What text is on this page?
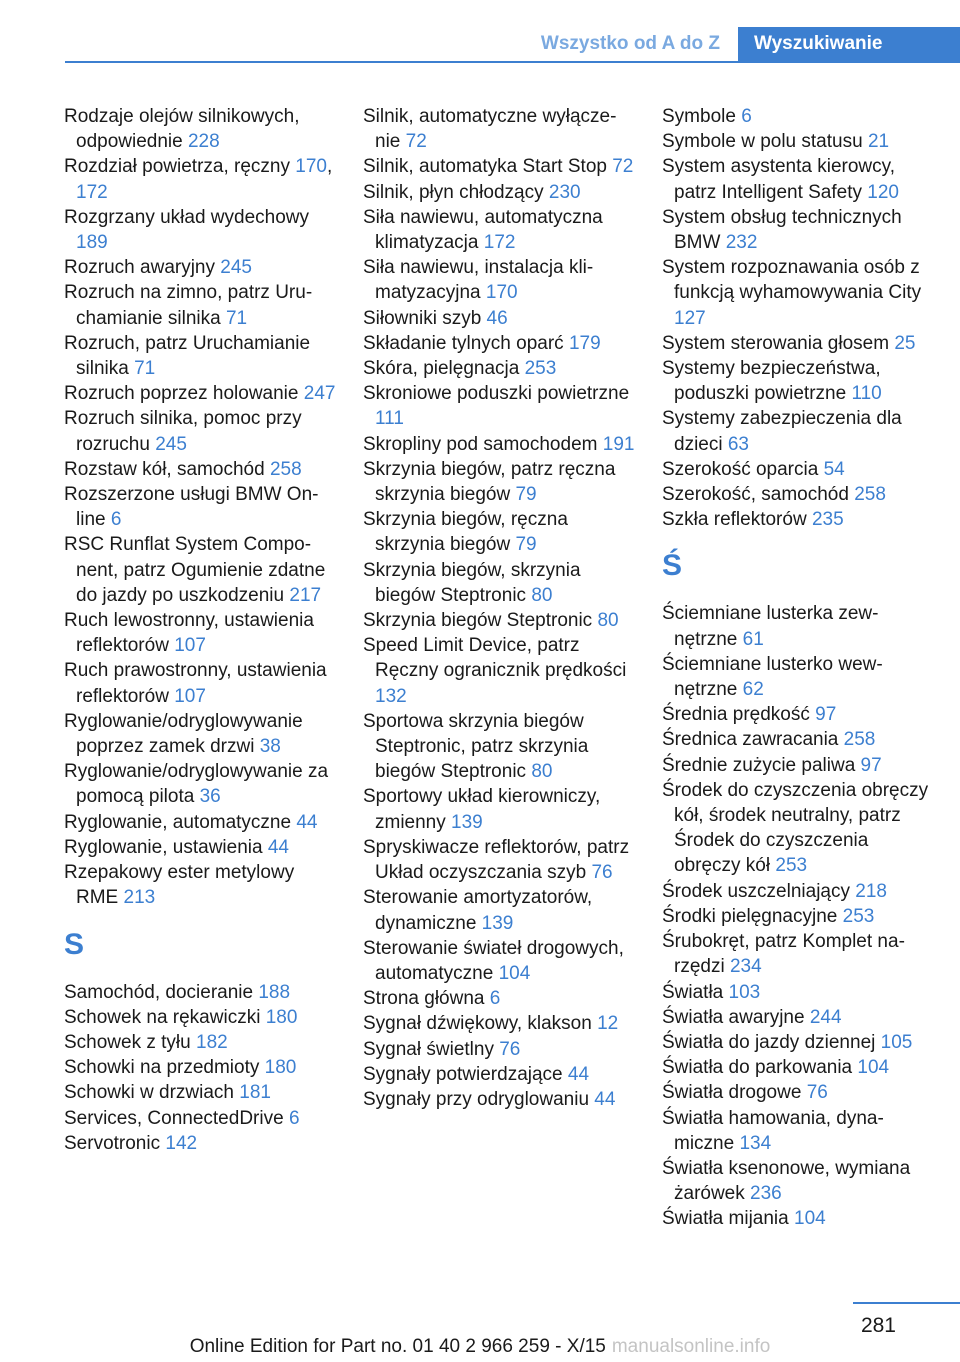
Wszystko od A do Z	Wyszukiwanie
Rodzaje olejów silnikowych, odpowiednie 228
Rozdział powietrza, ręczny 170, 172
Rozgrzany układ wydechowy 189
Rozruch awaryjny 245
Rozruch na zimno, patrz Uruchamianie silnika 71
Rozruch, patrz Uruchamianie silnika 71
Rozruch poprzez holowanie 247
Rozruch silnika, pomoc przy rozruchu 245
Rozstaw kół, samochód 258
Rozszerzone usługi BMW Online 6
RSC Runflat System Component, patrz Ogumienie zdatne do jazdy po uszkodzeniu 217
Ruch lewostronny, ustawienia reflektorów 107
Ruch prawostronny, ustawienia reflektorów 107
Ryglowanie/odryglowywanie poprzez zamek drzwi 38
Ryglowanie/odryglowywanie za pomocą pilota 36
Ryglowanie, automatyczne 44
Ryglowanie, ustawienia 44
Rzepakowy ester metylowy RME 213
S
Samochód, docieranie 188
Schowek na rękawiczki 180
Schowek z tyłu 182
Schowki na przedmioty 180
Schowki w drzwiach 181
Services, ConnectedDrive 6
Servotronic 142
Silnik, automatyczne wyłączenie 72
Silnik, automatyka Start Stop 72
Silnik, płyn chłodzący 230
Siła nawiewu, automatyczna klimatyzacja 172
Siła nawiewu, instalacja klimatyzacyjna 170
Siłowniki szyb 46
Składanie tylnych oparć 179
Skóra, pielęgnacja 253
Skroniowe poduszki powietrzne 111
Skropliny pod samochodem 191
Skrzynia biegów, patrz ręczna skrzynia biegów 79
Skrzynia biegów, ręczna skrzynia biegów 79
Skrzynia biegów, skrzynia biegów Steptronic 80
Skrzynia biegów Steptronic 80
Speed Limit Device, patrz Ręczny ogranicznik prędkości 132
Sportowa skrzynia biegów Steptronic, patrz skrzynia biegów Steptronic 80
Sportowy układ kierowniczy, zmienny 139
Spryskiwacze reflektorów, patrz Układ oczyszczania szyb 76
Sterowanie amortyzatorów, dynamiczne 139
Sterowanie świateł drogowych, automatyczne 104
Strona główna 6
Sygnał dźwiękowy, klakson 12
Sygnał świetlny 76
Sygnały potwierdzające 44
Sygnały przy odryglowaniu 44
Symbole 6
Symbole w polu statusu 21
System asystenta kierowcy, patrz Intelligent Safety 120
System obsług technicznych BMW 232
System rozpoznawania osób z funkcją wyhamowywania City 127
System sterowania głosem 25
Systemy bezpieczeństwa, poduszki powietrzne 110
Systemy zabezpieczenia dla dzieci 63
Szerokość oparcia 54
Szerokość, samochód 258
Szkła reflektorów 235
Ś
Ściemniane lusterka zewnętrzne 61
Ściemniane lusterko wewnętrzne 62
Średnia prędkość 97
Średnica zawracania 258
Średnie zużycie paliwa 97
Środek do czyszczenia obręczy kół, środek neutralny, patrz Środek do czyszczenia obręczy kół 253
Środek uszczelniający 218
Środki pielęgnacyjne 253
Śrubokręt, patrz Komplet narzędzi 234
Światła 103
Światła awaryjne 244
Światła do jazdy dziennej 105
Światła do parkowania 104
Światła drogowe 76
Światła hamowania, dynamiczne 134
Światła ksenonowe, wymiana żarówek 236
Światła mijania 104
281
Online Edition for Part no. 01 40 2 966 259 - X/15 manualsonline.info
